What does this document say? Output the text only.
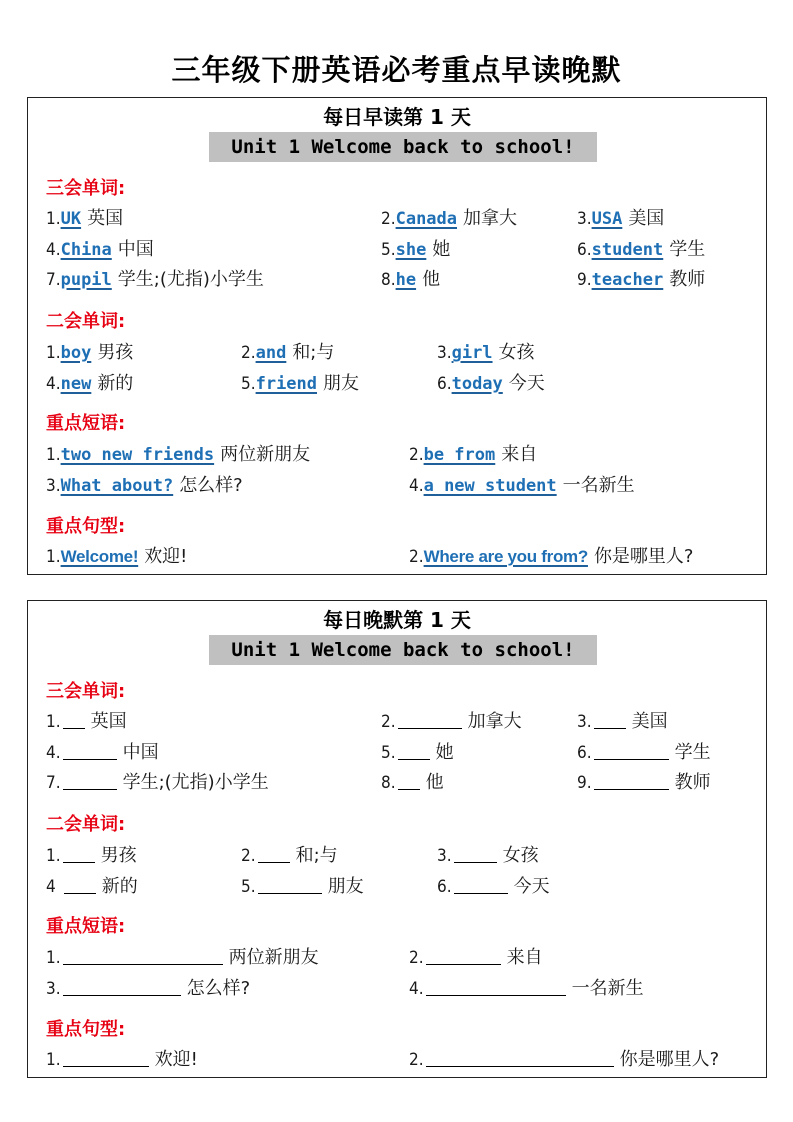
三年级下册英语必考重点早读晚默
每日早读第 1 天
Unit 1 Welcome back to school!
三会单词:
1.UK 英国	2.Canada 加拿大	3.USA 美国
4.China 中国	5.she 她	6.student 学生
7.pupil 学生;(尤指)小学生	8.he 他	9.teacher 教师
二会单词:
1.boy 男孩	2.and 和;与	3.girl 女孩
4.new 新的	5.friend 朋友	6.today 今天
重点短语:
1.two new friends 两位新朋友	2.be from 来自
3.What about? 怎么样?	4.a new student 一名新生
重点句型:
1.Welcome! 欢迎!	2.Where are you from? 你是哪里人?
每日晚默第 1 天
Unit 1 Welcome back to school!
三会单词:
1. 英国	2.	加拿大	3. 美国
4.	中国	5. 她	6.	学生
7.	学生;(尤指)小学生	8. 他	9.	教师
二会单词:
1. 男孩	2. 和;与	3.	女孩
4	新的	5.	朋友	6.	今天
重点短语:
1.	两位新朋友	2.	来自
3.	怎么样?	4.	一名新生
重点句型:
1.	欢迎!	2.	你是哪里人?
